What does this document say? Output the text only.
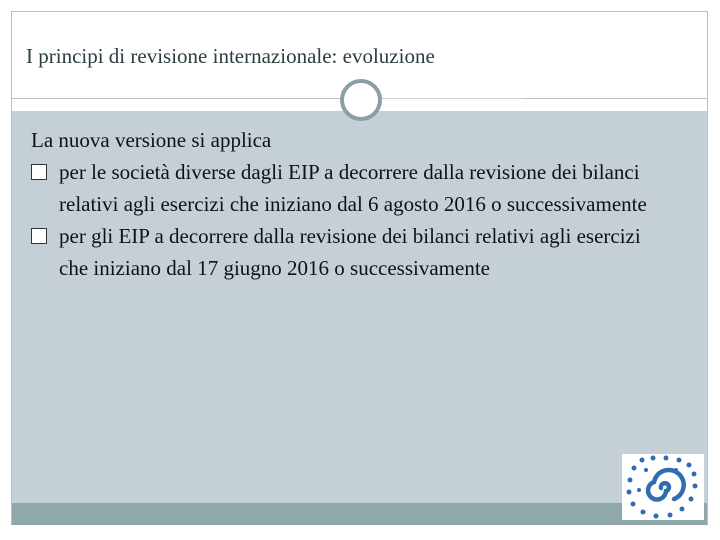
I principi di revisione internazionale: evoluzione

La nuova versione si applica

per le società diverse dagli EIP a decorrere dalla revisione dei bilanci relativi agli esercizi che iniziano dal 6 agosto 2016 o successivamente

per gli EIP a decorrere dalla revisione dei bilanci relativi agli esercizi che iniziano dal 17 giugno 2016 o successivamente
